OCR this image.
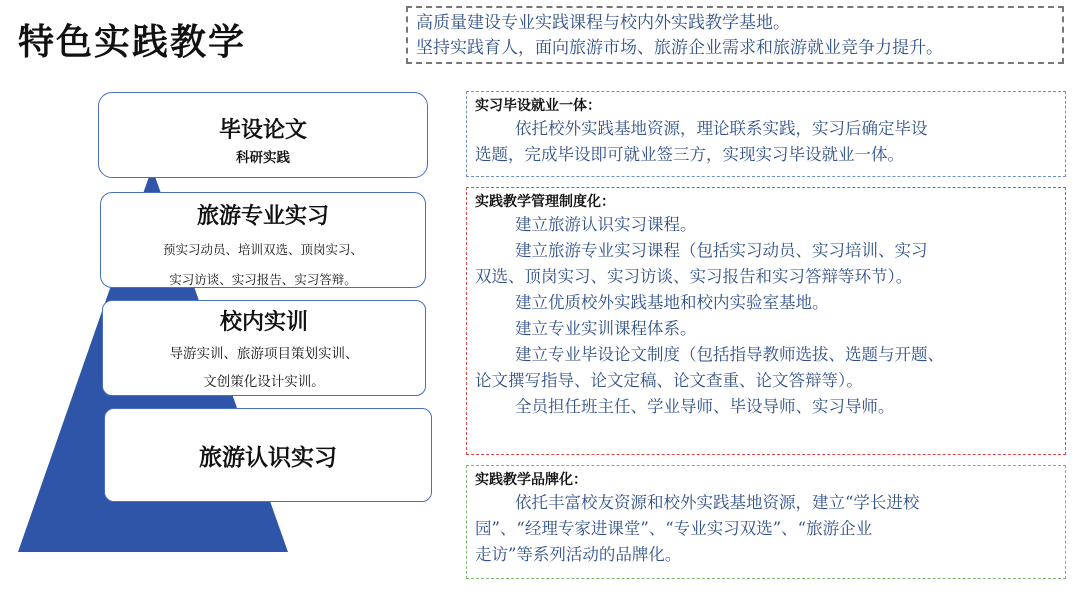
特色实践教学	高质量建设专业实践课程与校内外实践教学基地。
坚持实践育人，面向旅游市场、旅游企业需求和旅游就业竞争力提升。
毕设论文
科研实践
旅游专业实习
预实习动员、培训双选、顶岗实习、
实习访谈、实习报告、实习答辩。
校内实训
导游实训、旅游项目策划实训、
文创策化设计实训。
旅游认识实习
实习毕设就业一体：
依托校外实践基地资源，理论联系实践，实习后确定毕设
选题，完成毕设即可就业签三方，实现实习毕设就业一体。
实践教学管理制度化：
建立旅游认识实习课程。
建立旅游专业实习课程（包括实习动员、实习培训、实习
双选、顶岗实习、实习访谈、实习报告和实习答辩等环节）。
建立优质校外实践基地和校内实验室基地。
建立专业实训课程体系。
建立专业毕设论文制度（包括指导教师选拔、选题与开题、
论文撰写指导、论文定稿、论文查重、论文答辩等）。
全员担任班主任、学业导师、毕设导师、实习导师。
实践教学品牌化：
依托丰富校友资源和校外实践基地资源，建立“学长进校
园”、“经理专家进课堂”、“专业实习双选”、“旅游企业
走访”等系列活动的品牌化。
